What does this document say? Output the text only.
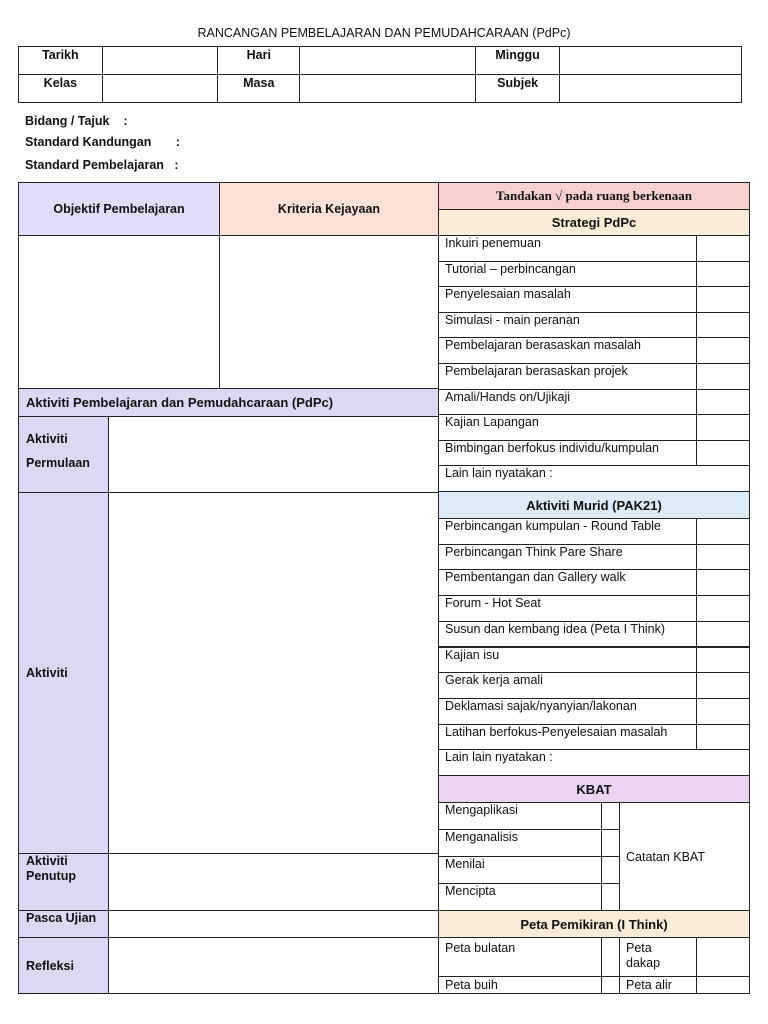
RANCANGAN PEMBELAJARAN DAN PEMUDAHCARAAN (PdPc)
Tarikh		Hari		Minggu	
Kelas		Masa		Subjek	
Bidang / Tajuk    :
Standard Kandungan       :
Standard Pembelajaran   :
Objektif Pembelajaran	Kriteria Kejayaan
Aktiviti Pembelajaran dan Pemudahcaraan (PdPc)
Aktiviti
Permulaan
Aktiviti
Aktiviti
Penutup
Pasca Ujian
Refleksi
Tandakan √ pada ruang berkenaan
Strategi PdPc
Inkuiri penemuan
Tutorial – perbincangan
Penyelesaian masalah
Simulasi - main peranan
Pembelajaran berasaskan masalah
Pembelajaran berasaskan projek
Amali/Hands on/Ujikaji
Kajian Lapangan
Bimbingan berfokus individu/kumpulan
Lain lain nyatakan :
Aktiviti Murid (PAK21)
Perbincangan kumpulan - Round Table
Perbincangan Think Pare Share
Pembentangan dan Gallery walk
Forum - Hot Seat
Susun dan kembang idea (Peta I Think)
Kajian isu
Gerak kerja amali
Deklamasi sajak/nyanyian/lakonan
Latihan berfokus-Penyelesaian masalah
Lain lain nyatakan :
KBAT
Mengaplikasi
Menganalisis
Menilai
Mencipta
Catatan KBAT
Peta Pemikiran (I Think)
Peta bulatan	Peta dakap
Peta buih	Peta alir
